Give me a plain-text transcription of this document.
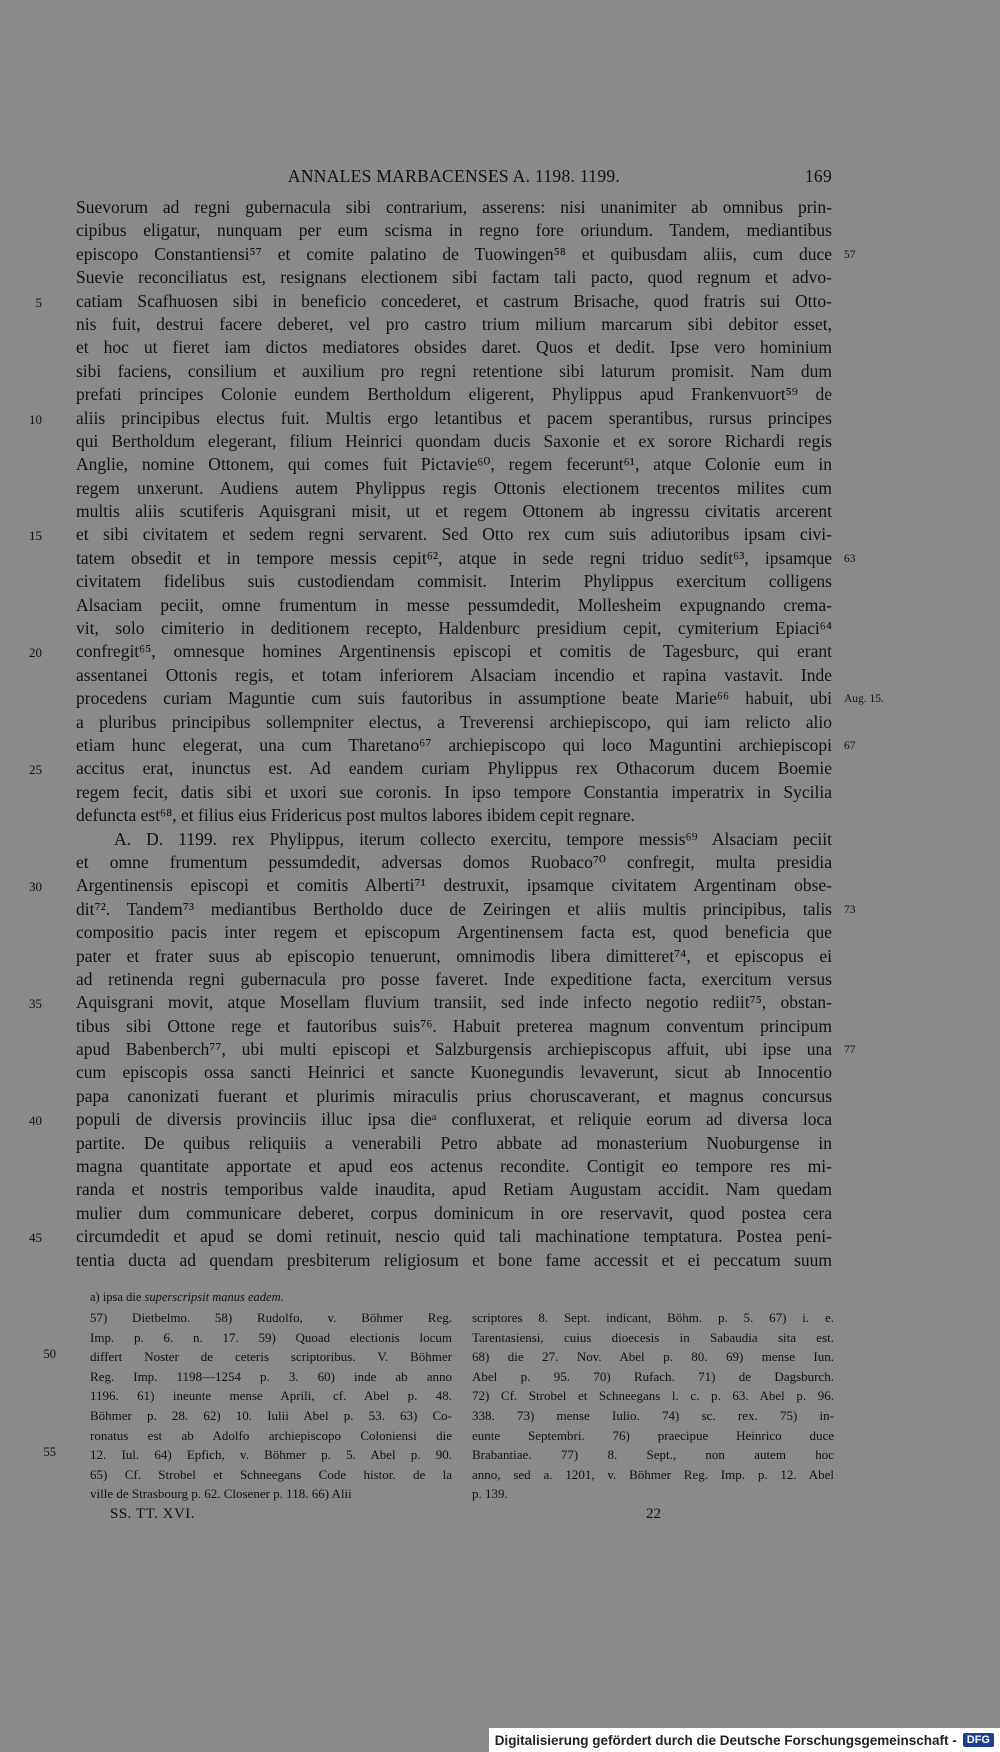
ANNALES MARBACENSES A. 1198. 1199.	169
Suevorum ad regni gubernacula sibi contrarium, asserens: nisi unanimiter ab omnibus prin-
cipibus eligatur, nunquam per eum scisma in regno fore oriundum. Tandem, mediantibus
episcopo Constantiensi⁵⁷ et comite palatino de Tuowingen⁵⁸ et quibusdam aliis, cum duce 57
Suevie reconciliatus est, resignans electionem sibi factam tali pacto, quod regnum et advo-
catiam Scafhuosen sibi in beneficio concederet, et castrum Brisache, quod fratris sui Otto-
5
nis fuit, destrui facere deberet, vel pro castro trium milium marcarum sibi debitor esset,
et hoc ut fieret iam dictos mediatores obsides daret. Quos et dedit. Ipse vero hominium
sibi faciens, consilium et auxilium pro regni retentione sibi laturum promisit. Nam dum
prefati principes Colonie eundem Bertholdum eligerent, Phylippus apud Frankenvuort⁵⁹ de
aliis principibus electus fuit. Multis ergo letantibus et pacem sperantibus, rursus principes
10
qui Bertholdum elegerant, filium Heinrici quondam ducis Saxonie et ex sorore Richardi regis
Anglie, nomine Ottonem, qui comes fuit Pictavie⁶⁰, regem fecerunt⁶¹, atque Colonie eum in
regem unxerunt. Audiens autem Phylippus regis Ottonis electionem trecentos milites cum
multis aliis scutiferis Aquisgrani misit, ut et regem Ottonem ab ingressu civitatis arcerent
et sibi civitatem et sedem regni servarent. Sed Otto rex cum suis adiutoribus ipsam civi-
15
tatem obsedit et in tempore messis cepit⁶², atque in sede regni triduo sedit⁶³, ipsamque 63
civitatem fidelibus suis custodiendam commisit. Interim Phylippus exercitum colligens
Alsaciam peciit, omne frumentum in messe pessumdedit, Mollesheim expugnando crema-
vit, solo cimiterio in deditionem recepto, Haldenburc presidium cepit, cymiterium Epiaci⁶⁴
confregit⁶⁵, omnesque homines Argentinensis episcopi et comitis de Tagesburc, qui erant
20
assentanei Ottonis regis, et totam inferiorem Alsaciam incendio et rapina vastavit. Inde
procedens curiam Maguntie cum suis fautoribus in assumptione beate Marie⁶⁶ habuit, ubi Aug. 15.
a pluribus principibus sollempniter electus, a Treverensi archiepiscopo, qui iam relicto alio
etiam hunc elegerat, una cum Tharetano⁶⁷ archiepiscopo qui loco Maguntini archiepiscopi 67
accitus erat, inunctus est. Ad eandem curiam Phylippus rex Othacorum ducem Boemie
25
regem fecit, datis sibi et uxori sue coronis. In ipso tempore Constantia imperatrix in Sycilia
defuncta est⁶⁸, et filius eius Fridericus post multos labores ibidem cepit regnare.
A. D. 1199. rex Phylippus, iterum collecto exercitu, tempore messis⁶⁹ Alsaciam peciit
et omne frumentum pessumdedit, adversas domos Ruobaco⁷⁰ confregit, multa presidia
Argentinensis episcopi et comitis Alberti⁷¹ destruxit, ipsamque civitatem Argentinam obse-
30
dit⁷². Tandem⁷³ mediantibus Bertholdo duce de Zeiringen et aliis multis principibus, talis 73
compositio pacis inter regem et episcopum Argentinensem facta est, quod beneficia que
pater et frater suus ab episcopio tenuerunt, omnimodis libera dimitteret⁷⁴, et episcopus ei
ad retinenda regni gubernacula pro posse faveret. Inde expeditione facta, exercitum versus
Aquisgrani movit, atque Mosellam fluvium transiit, sed inde infecto negotio rediit⁷⁵, obstan-
35
tibus sibi Ottone rege et fautoribus suis⁷⁶. Habuit preterea magnum conventum principum
apud Babenberch⁷⁷, ubi multi episcopi et Salzburgensis archiepiscopus affuit, ubi ipse una 77
cum episcopis ossa sancti Heinrici et sancte Kuonegundis levaverunt, sicut ab Innocentio
papa canonizati fuerant et plurimis miraculis prius choruscaverant, et magnus concursus
populi de diversis provinciis illuc ipsa dieᵃ confluxerat, et reliquie eorum ad diversa loca
40
partite. De quibus reliquiis a venerabili Petro abbate ad monasterium Nuoburgense in
magna quantitate apportate et apud eos actenus recondite. Contigit eo tempore res mi-
randa et nostris temporibus valde inaudita, apud Retiam Augustam accidit. Nam quedam
mulier dum communicare deberet, corpus dominicum in ore reservavit, quod postea cera
circumdedit et apud se domi retinuit, nescio quid tali machinatione temptatura. Postea peni-
45
tentia ducta ad quendam presbiterum religiosum et bone fame accessit et ei peccatum suum
a) ipsa die superscripsit manus eadem.
57) Dietbelmo. 58) Rudolfo, v. Böhmer Reg.
Imp. p. 6. n. 17. 59) Quoad electionis locum
differt Noster de ceteris scriptoribus. V. Böhmer
50
Reg. Imp. 1198—1254 p. 3. 60) inde ab anno
1196. 61) ineunte mense Aprili, cf. Abel p. 48.
Böhmer p. 28. 62) 10. Iulii Abel p. 53. 63) Co-
ronatus est ab Adolfo archiepiscopo Coloniensi die
12. Iul. 64) Epfich, v. Böhmer p. 5. Abel p. 90.
55
65) Cf. Strobel et Schneegans Code histor. de la
ville de Strasbourg p. 62. Closener p. 118. 66) Alii
scriptores 8. Sept. indicant, Böhm. p. 5. 67) i. e.
Tarentasiensi, cuius dioecesis in Sabaudia sita est.
68) die 27. Nov. Abel p. 80. 69) mense Iun.
Abel p. 95. 70) Rufach. 71) de Dagsburch.
72) Cf. Strobel et Schneegans l. c. p. 63. Abel p. 96.
338. 73) mense Iulio. 74) sc. rex. 75) in-
eunte Septembri. 76) praecipue Heinrico duce
Brabantiae. 77) 8. Sept., non autem hoc
anno, sed a. 1201, v. Böhmer Reg. Imp. p. 12. Abel
p. 139.
SS. TT. XVI.	22
Digitalisierung gefördert durch die Deutsche Forschungsgemeinschaft - DFG
